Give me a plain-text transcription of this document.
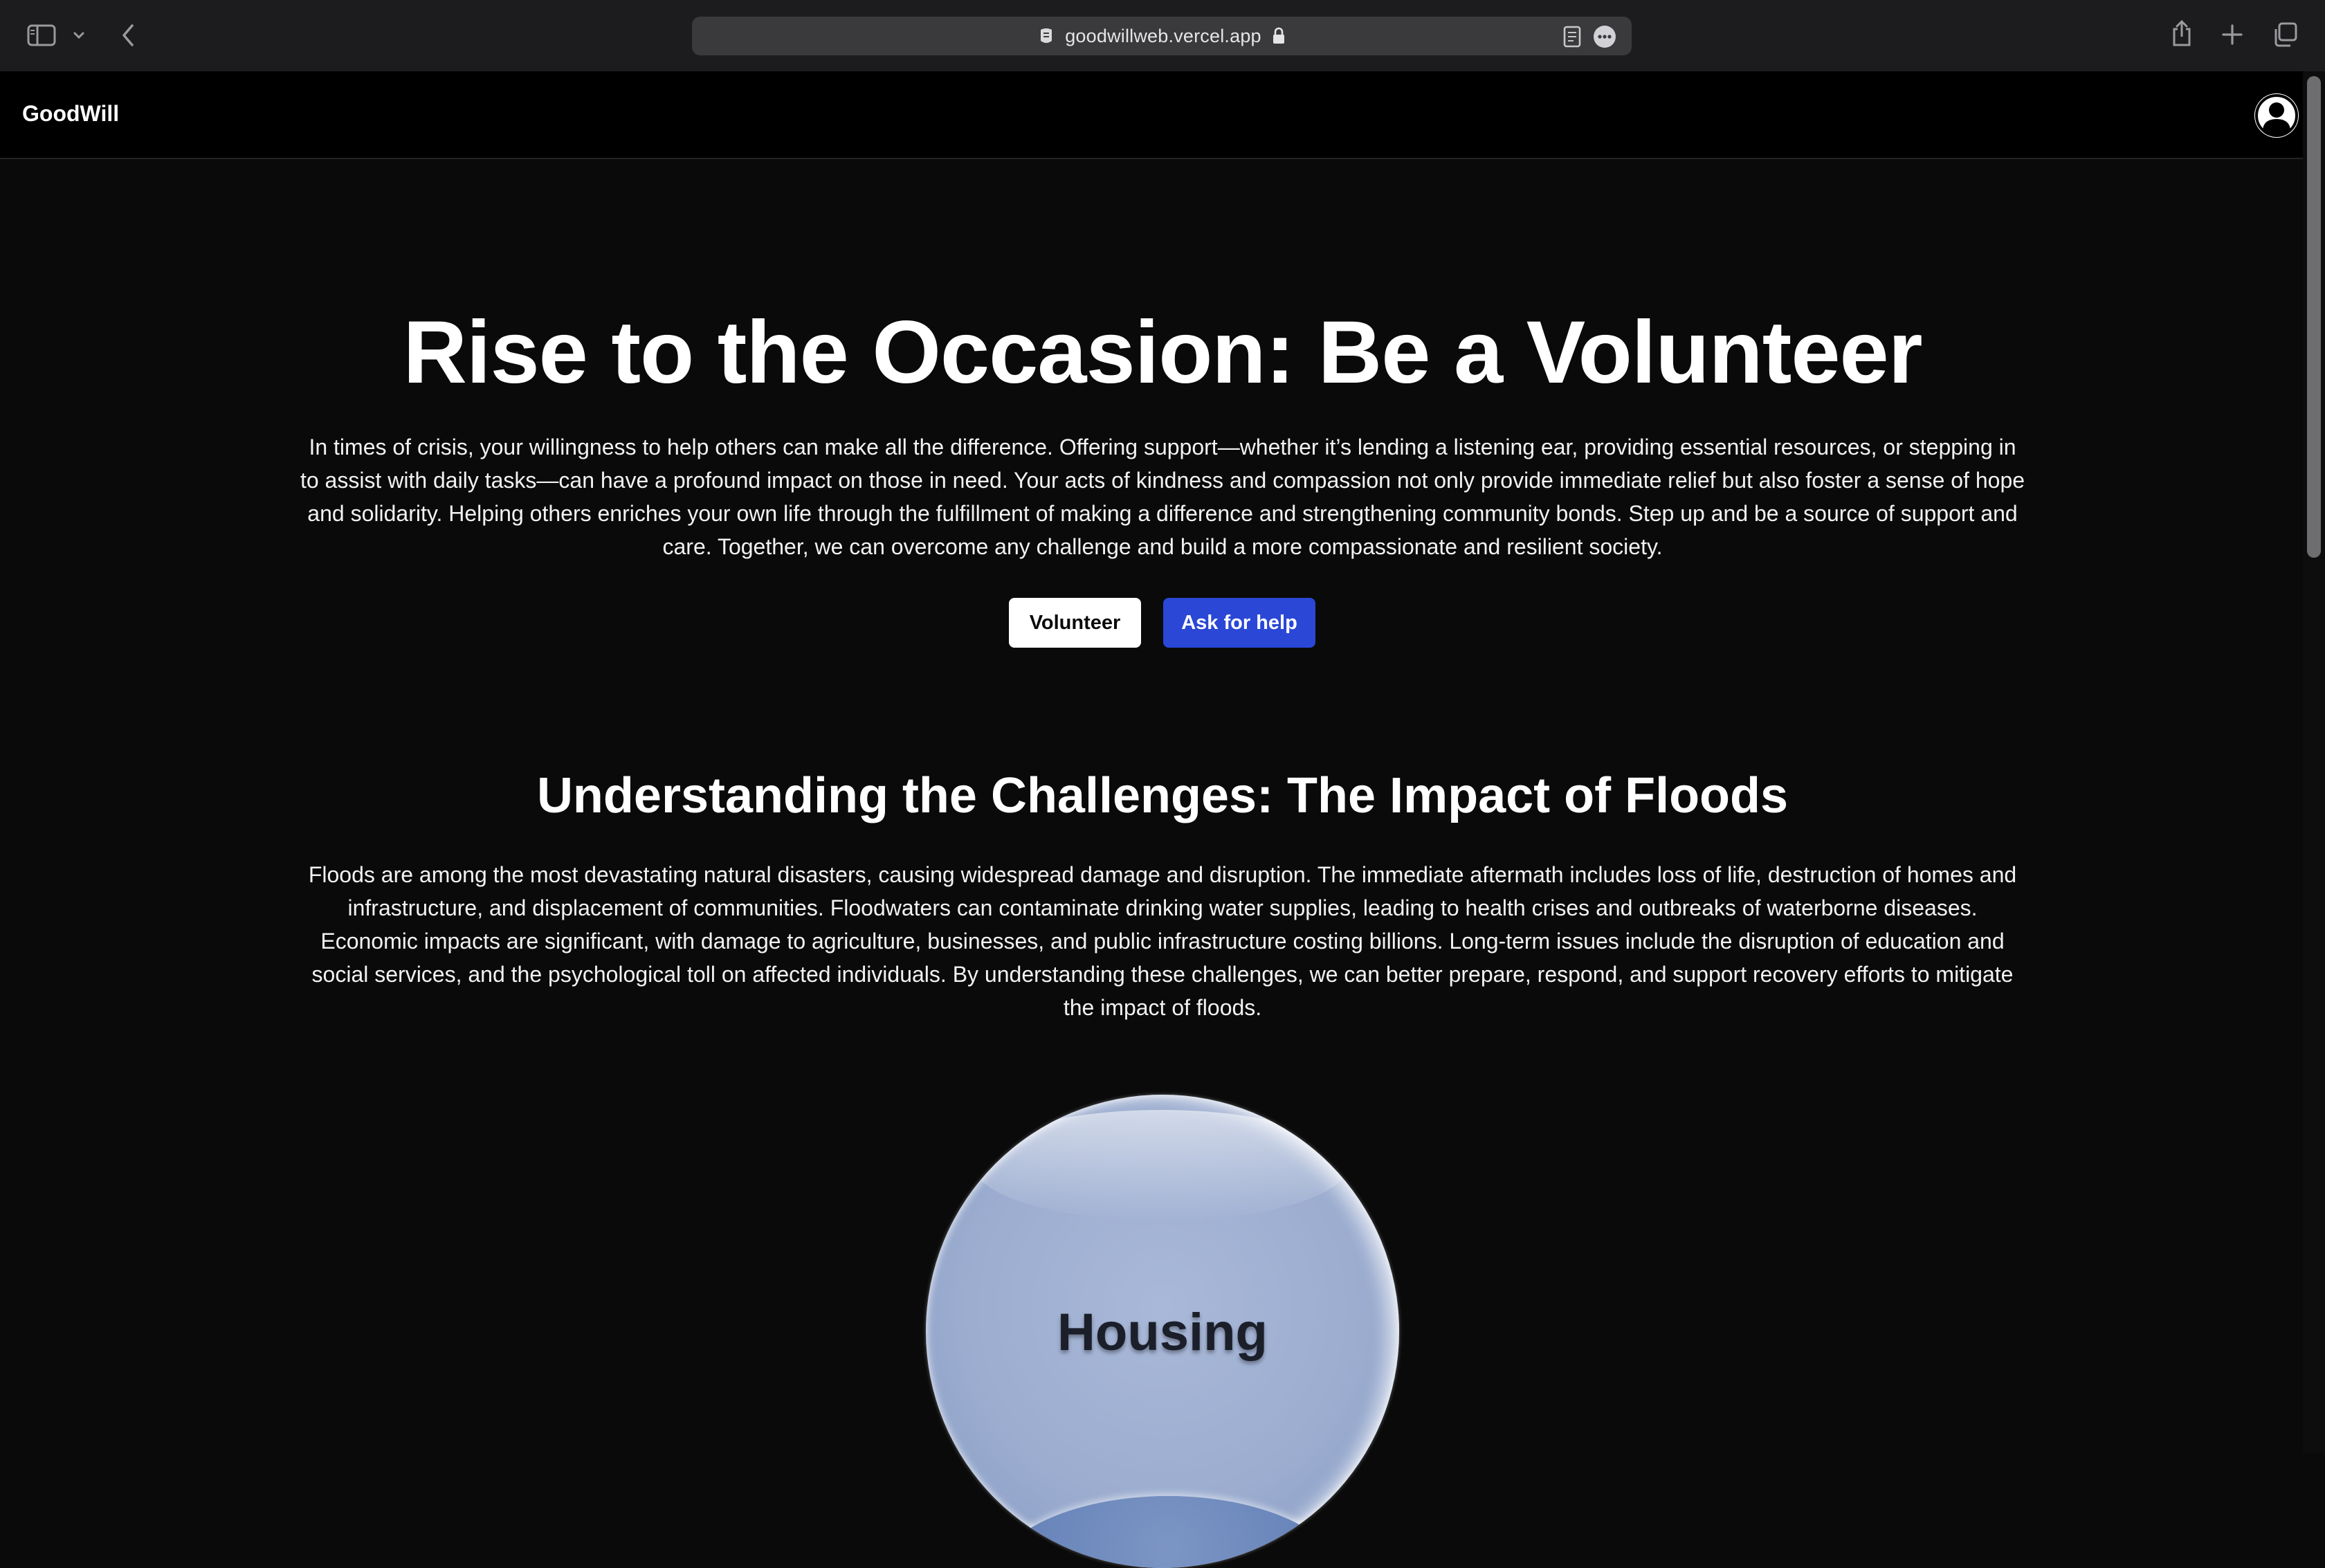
goodwillweb.vercel.app
GoodWill
Rise to the Occasion: Be a Volunteer

In times of crisis, your willingness to help others can make all the difference. Offering support—whether it’s lending a listening ear, providing essential resources, or stepping in to assist with daily tasks—can have a profound impact on those in need. Your acts of kindness and compassion not only provide immediate relief but also foster a sense of hope and solidarity. Helping others enriches your own life through the fulfillment of making a difference and strengthening community bonds. Step up and be a source of support and care. Together, we can overcome any challenge and build a more compassionate and resilient society.

Volunteer	Ask for help
Understanding the Challenges: The Impact of Floods

Floods are among the most devastating natural disasters, causing widespread damage and disruption. The immediate aftermath includes loss of life, destruction of homes and infrastructure, and displacement of communities. Floodwaters can contaminate drinking water supplies, leading to health crises and outbreaks of waterborne diseases. Economic impacts are significant, with damage to agriculture, businesses, and public infrastructure costing billions. Long-term issues include the disruption of education and social services, and the psychological toll on affected individuals. By understanding these challenges, we can better prepare, respond, and support recovery efforts to mitigate the impact of floods.

Housing
